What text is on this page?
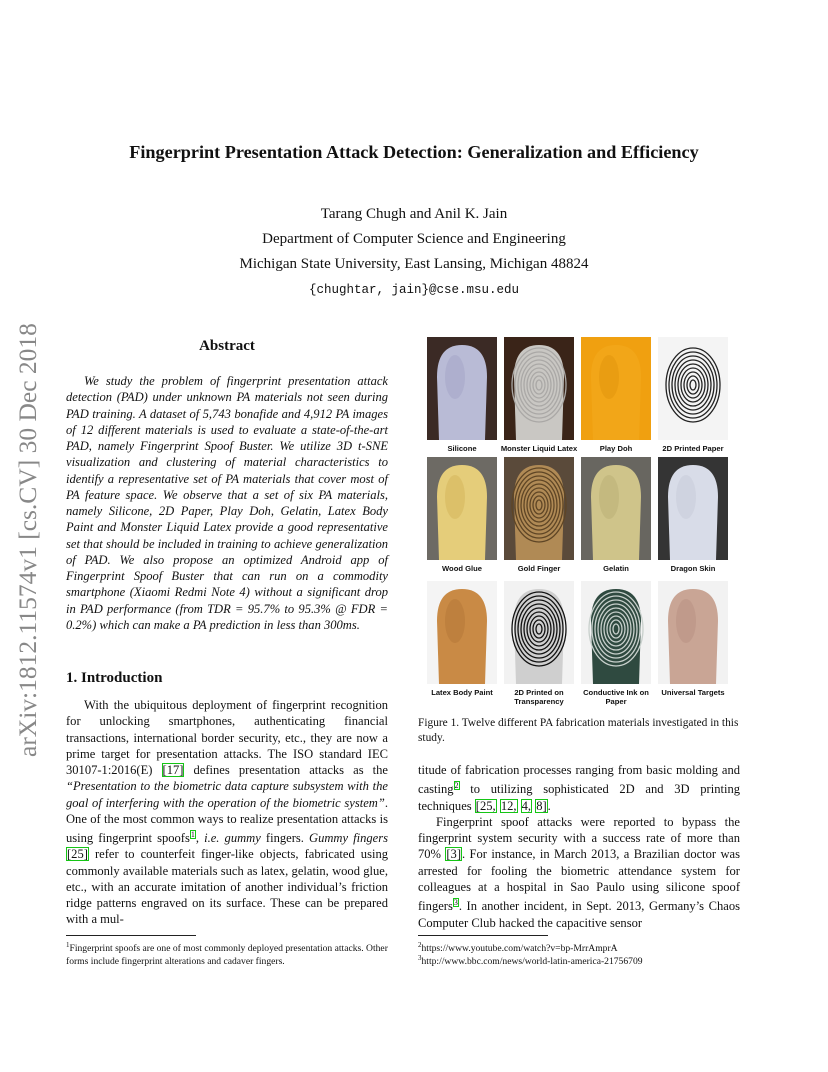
arXiv:1812.11574v1 [cs.CV] 30 Dec 2018
Fingerprint Presentation Attack Detection: Generalization and Efficiency
Tarang Chugh and Anil K. Jain
Department of Computer Science and Engineering
Michigan State University, East Lansing, Michigan 48824
{chughtar, jain}@cse.msu.edu
Abstract

We study the problem of fingerprint presentation attack detection (PAD) under unknown PA materials not seen during PAD training. A dataset of 5,743 bonafide and 4,912 PA images of 12 different materials is used to evaluate a state-of-the-art PAD, namely Fingerprint Spoof Buster. We utilize 3D t-SNE visualization and clustering of material characteristics to identify a representative set of PA materials that cover most of PA feature space. We observe that a set of six PA materials, namely Silicone, 2D Paper, Play Doh, Gelatin, Latex Body Paint and Monster Liquid Latex provide a good representative set that should be included in training to achieve generalization of PAD. We also propose an optimized Android app of Fingerprint Spoof Buster that can run on a commodity smartphone (Xiaomi Redmi Note 4) without a significant drop in PAD performance (from TDR = 95.7% to 95.3% @ FDR = 0.2%) which can make a PA prediction in less than 300ms.

1. Introduction

With the ubiquitous deployment of fingerprint recognition for unlocking smartphones, authenticating financial transactions, international border security, etc., they are now a prime target for presentation attacks. The ISO standard IEC 30107-1:2016(E) [17] defines presentation attacks as the “Presentation to the biometric data capture subsystem with the goal of interfering with the operation of the biometric system”. One of the most common ways to realize presentation attacks is using fingerprint spoofs$^1$, i.e. gummy fingers. Gummy fingers [25] refer to counterfeit finger-like objects, fabricated using commonly available materials such as latex, gelatin, wood glue, etc., with an accurate imitation of another individual’s friction ridge patterns engraved on its surface. These can be prepared with a mul-

$^1$Fingerprint spoofs are one of most commonly deployed presentation attacks. Other forms include fingerprint alterations and cadaver fingers.
Silicone	Monster Liquid Latex	Play Doh	2D Printed Paper
Wood Glue	Gold Finger	Gelatin	Dragon Skin
Latex Body Paint	2D Printed on Transparency
Conductive Ink on Paper
Universal Targets
Figure 1. Twelve different PA fabrication materials investigated in this study.

titude of fabrication processes ranging from basic molding and casting$^2$ to utilizing sophisticated 2D and 3D printing techniques [25, 12, 4, 8].

Fingerprint spoof attacks were reported to bypass the fingerprint system security with a success rate of more than 70% [3]. For instance, in March 2013, a Brazilian doctor was arrested for fooling the biometric attendance system for colleagues at a hospital in Sao Paulo using silicone spoof fingers$^3$. In another incident, in Sept. 2013, Germany’s Chaos Computer Club hacked the capacitive sensor

$^2$https://www.youtube.com/watch?v=bp-MrrAmprA
$^3$http://www.bbc.com/news/world-latin-america-21756709
